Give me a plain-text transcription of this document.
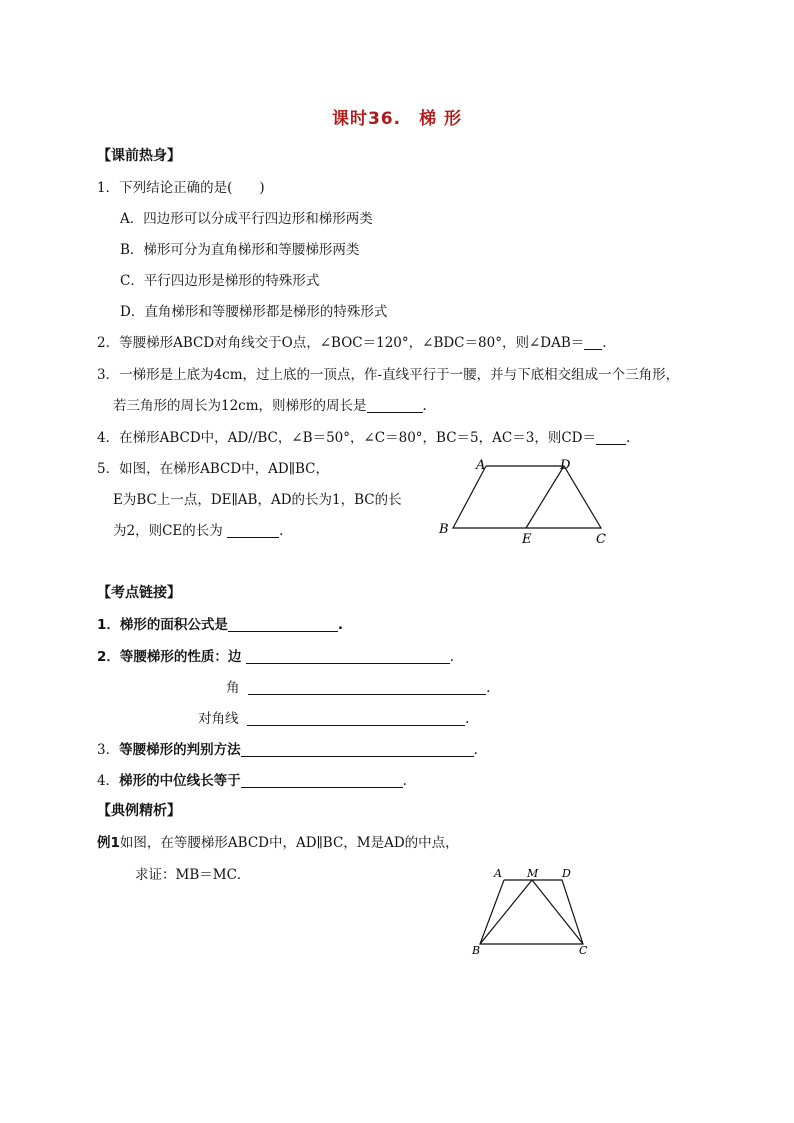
课时36.　梯 形
【课前热身】
1．下列结论正确的是(　　)
A．四边形可以分成平行四边形和梯形两类
B．梯形可分为直角梯形和等腰梯形两类
C．平行四边形是梯形的特殊形式
D．直角梯形和等腰梯形都是梯形的特殊形式
2．等腰梯形ABCD对角线交于O点，∠BOC＝120°，∠BDC＝80°，则∠DAB＝ .
3．一梯形是上底为4cm，过上底的一顶点，作-直线平行于一腰，并与下底相交组成一个三角形，
若三角形的周长为12cm，则梯形的周长是	.
4．在梯形ABCD中，AD//BC，∠B＝50°，∠C＝80°，BC＝5，AC＝3，则CD＝ .
5．如图，在梯形ABCD中，AD∥BC，
E为BC上一点，DE∥AB，AD的长为1，BC的长
为2，则CE的长为	.
A	D
B
E	C
【考点链接】
1．梯形的面积公式是	.
2．等腰梯形的性质：边	.
角	.
对角线	.
3．等腰梯形的判别方法	.
4．梯形的中位线长等于	.
【典例精析】
例1如图，在等腰梯形ABCD中，AD∥BC，M是AD的中点，
求证：MB＝MC．	A M D
B	C
